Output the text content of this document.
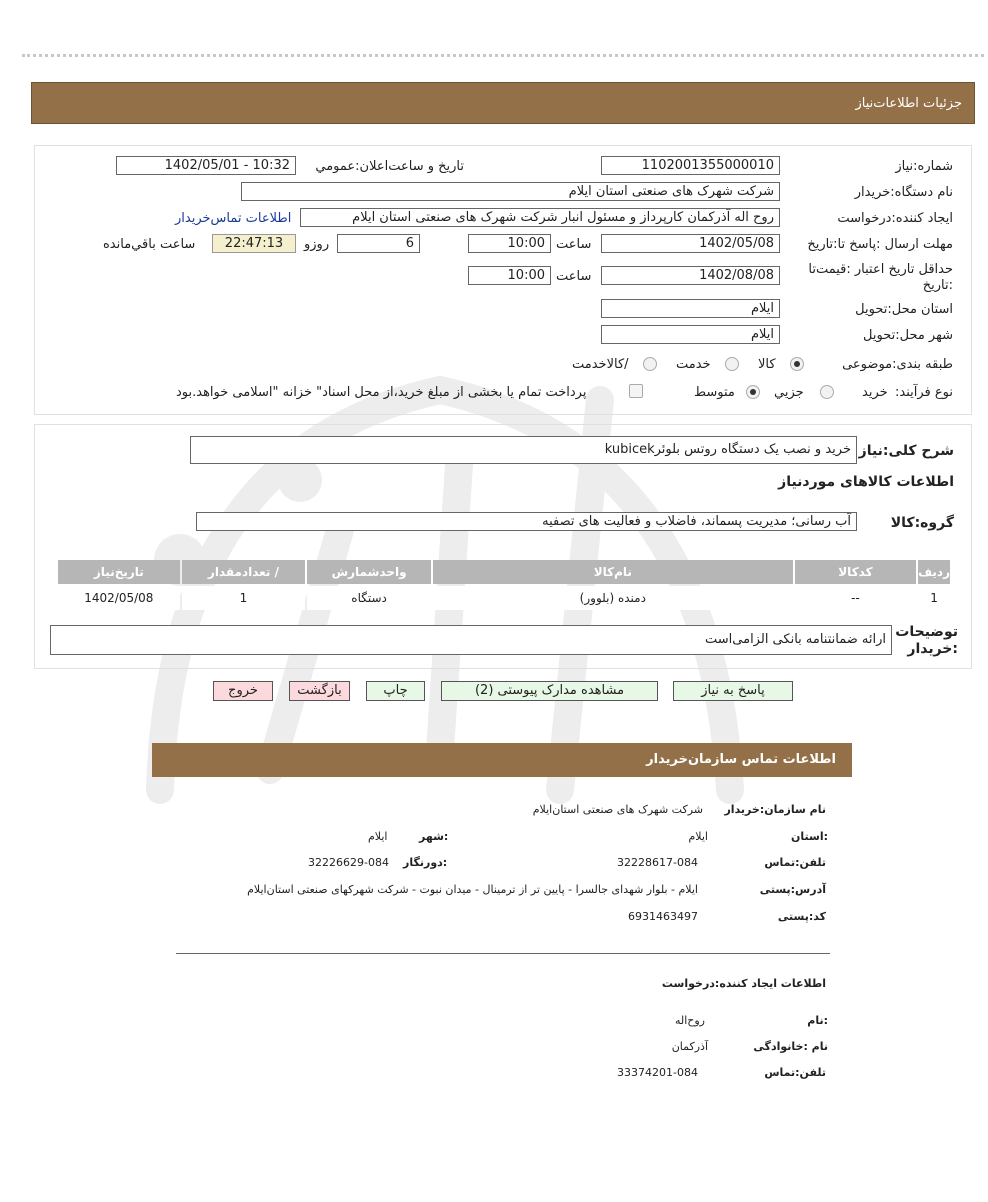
جزئیات اطلاعات‌نیاز
شماره:نیاز
1102001355000010
تاریخ و ساعت‌اعلان:عمومي
1402/05/01 - 10:32
نام دستگاه:خریدار
شرکت شهرک های صنعتی استان ایلام
ایجاد کننده:درخواست
روح اله آذرکمان کارپرداز و مسئول انبار شرکت شهرک های صنعتی استان ایلام
اطلاعات تماس‌خریدار
مهلت ارسال :پاسخ تا:تاریخ
1402/05/08
ساعت
10:00
6
روزو
22:47:13
ساعت باقي‌مانده
حداقل تاریخ اعتبار :قیمت‌تا :تاریخ
1402/08/08
ساعت
10:00
استان محل:تحویل
ایلام
شهر محل:تحویل
ایلام
طبقه بندی:موضوعی
کالا
خدمت
/کالاخدمت
نوع فرآیند:
خرید
جزیي
متوسط
پرداخت تمام یا بخشی از مبلغ خرید،از محل اسناد" خزانه "اسلامی خواهد.بود
شرح کلی:نیاز
خرید و نصب یک دستگاه روتس بلوئرkubicek
اطلاعات کالاهای موردنیاز
گروه:کالا
آب رسانی؛ مدیریت پسماند، فاضلاب و فعالیت های تصفیه
ردیف	کدکالا	نام‌کالا	واحدشمارش	/ تعدادمقدار	تاریخ‌نیاز
1	--	دمنده (بلوور)	دستگاه	1	1402/05/08
توضیحات :خریدار
ارائه ضمانتنامه بانکی الزامی‌است
پاسخ به نیاز
مشاهده مدارک پیوستی (2)
چاپ
بازگشت
خروج
اطلاعات تماس سازمان‌خریدار
نام سازمان:خریدار
شرکت شهرک های صنعتی استان‌ایلام
:استان
ایلام
:شهر
ایلام
تلفن:تماس
32228617-084
:دورنگار
32226629-084
آدرس:پستی
ایلام - بلوار شهدای جالسرا - پایین تر از ترمینال - میدان نبوت - شرکت شهرکهای صنعتی استان‌ایلام
کد:پستی
6931463497
اطلاعات ایجاد کننده:درخواست
:نام
روح‌اله
نام :خانوادگی
آذرکمان
تلفن:تماس
33374201-084
